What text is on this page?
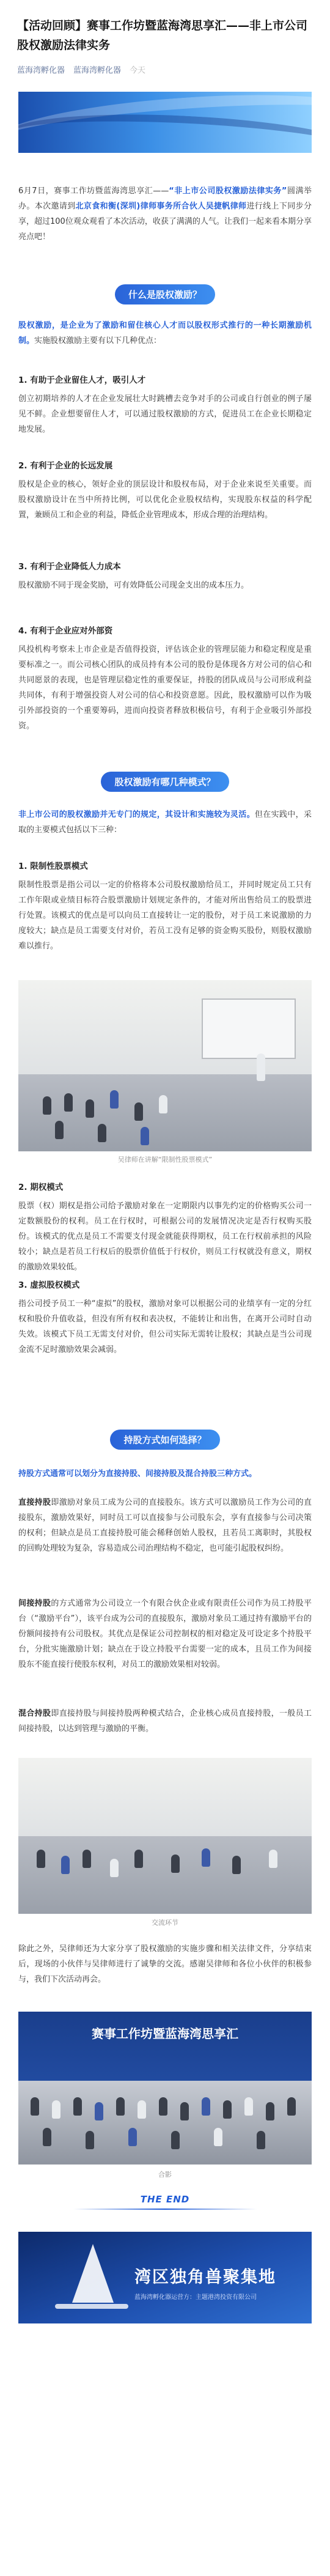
【活动回顾】赛事工作坊暨蓝海湾思享汇——非上市公司股权激励法律实务
蓝海湾孵化器 蓝海湾孵化器 今天
6月7日，赛事工作坊暨蓝海湾思享汇——“非上市公司股权激励法律实务”圆满举办。本次邀请到北京食和衡(深圳)律师事务所合伙人吴捷帆律师进行线上下同步分享，超过100位观众观看了本次活动，收获了满满的人气。让我们一起来看本期分享亮点吧！
什么是股权激励？
股权激励，是企业为了激励和留住核心人才而以股权形式推行的一种长期激励机制。实施股权激励主要有以下几种优点：
1. 有助于企业留住人才，吸引人才
创立初期培养的人才在企业发展壮大时跳槽去竞争对手的公司或自行创业的例子屡见不鲜。企业想要留住人才，可以通过股权激励的方式，促进员工在企业长期稳定地发展。
2. 有利于企业的长远发展
股权是企业的核心，领好企业的顶层设计和股权布局，对于企业来说至关重要。而股权激励设计在当中所持比例，可以优化企业股权结构，实现股东权益的科学配置，兼顾员工和企业的利益，降低企业管理成本，形成合理的治理结构。
3. 有利于企业降低人力成本
股权激励不同于现金奖励，可有效降低公司现金支出的成本压力。
4. 有利于企业应对外部资
风投机构考察未上市企业是否值得投资，评估该企业的管理层能力和稳定程度是重要标准之一。而公司核心团队的成员持有本公司的股份是体现各方对公司的信心和共同愿景的表现，也是管理层稳定性的重要保证，持股的团队成员与公司形成利益共同体，有利于增强投资人对公司的信心和投资意愿。因此，股权激励可以作为吸引外部投资的一个重要筹码，进而向投资者释放积极信号，有利于企业吸引外部投资。
股权激励有哪几种模式？
非上市公司的股权激励并无专门的规定，其设计和实施较为灵活。但在实践中，采取的主要模式包括以下三种：
1. 限制性股票模式
限制性股票是指公司以一定的价格将本公司股权激励给员工，并同时规定员工只有工作年限或业绩目标符合股票激励计划规定条件的，才能对所出售给员工的股票进行处置。该模式的优点是可以向员工直接转让一定的股份，对于员工来说激励的力度较大；缺点是员工需要支付对价，若员工没有足够的资金购买股份，则股权激励难以推行。
吴律师在讲解“限制性股票模式”
2. 期权模式
股票（权）期权是指公司给予激励对象在一定期限内以事先约定的价格购买公司一定数额股份的权利。员工在行权时，可根据公司的发展情况决定是否行权购买股份。该模式的优点是员工不需要支付现金就能获得期权，员工在行权前承担的风险较小；缺点是若员工行权后的股票价值低于行权价，则员工行权就没有意义，期权的激励效果较低。
3. 虚拟股权模式
指公司授予员工一种“虚拟”的股权，激励对象可以根据公司的业绩享有一定的分红权和股价升值收益，但没有所有权和表决权，不能转让和出售，在离开公司时自动失效。该模式下员工无需支付对价，但公司实际无需转让股权；其缺点是当公司现金流不足时激励效果会减弱。
持股方式如何选择？
持股方式通常可以划分为直接持股、间接持股及混合持股三种方式。
直接持股即激励对象员工成为公司的直接股东。该方式可以激励员工作为公司的直接股东，激励效果好，同时员工可以直接参与公司股东会，享有直接参与公司决策的权利；但缺点是员工直接持股可能会稀释创始人股权，且若员工离职时，其股权的回购处理较为复杂，容易造成公司治理结构不稳定，也可能引起股权纠纷。
间接持股的方式通常为公司设立一个有限合伙企业或有限责任公司作为员工持股平台（“激励平台”），该平台成为公司的直接股东，激励对象员工通过持有激励平台的份额间接持有公司股权。其优点是保证公司控制权的相对稳定及可设定多个持股平台，分批实施激励计划；缺点在于设立持股平台需要一定的成本，且员工作为间接股东不能直接行使股东权利，对员工的激励效果相对较弱。
混合持股即直接持股与间接持股两种模式结合，企业核心成员直接持股，一般员工间接持股，以达到管理与激励的平衡。
交流环节
除此之外，吴律师还为大家分享了股权激励的实施步骤和相关法律文件，分享结束后，现场的小伙伴与吴律师进行了诚挚的交流。感谢吴律师和各位小伙伴的积极参与，我们下次活动再会。
赛事工作坊暨蓝海湾思享汇
合影
THE END
湾区独角兽聚集地
蓝海湾孵化器运营方：主题港湾投资有限公司
